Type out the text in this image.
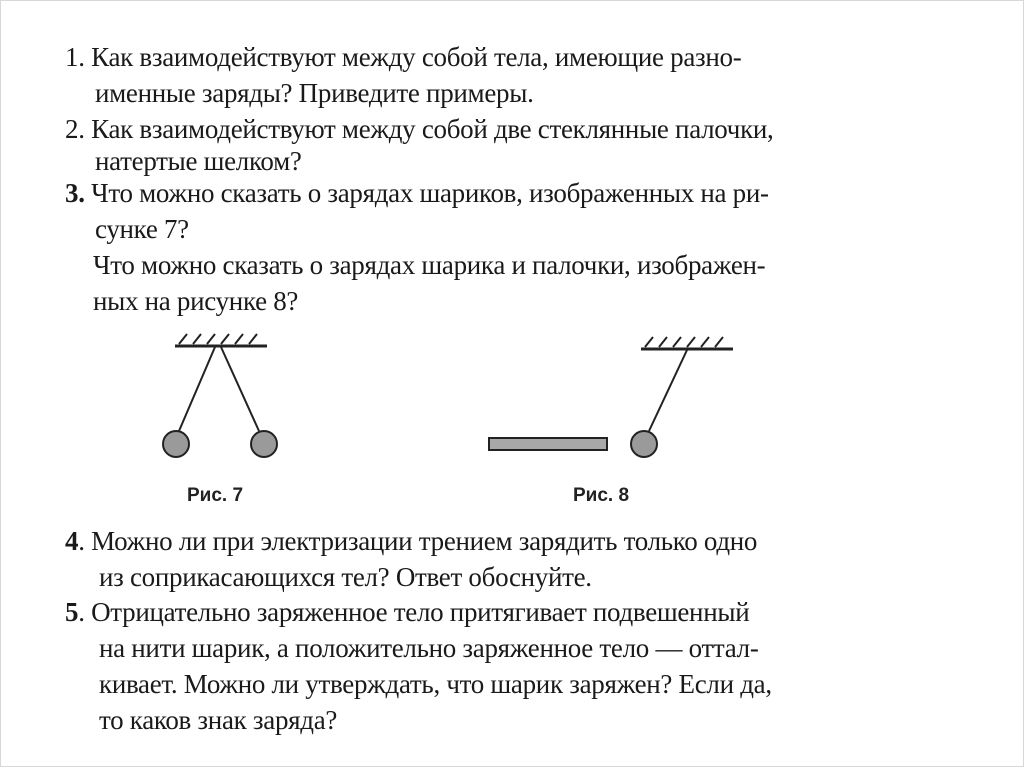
1. Как взаимодействуют между собой тела, имеющие разно-
именные заряды? Приведите примеры.
2. Как взаимодействуют между собой две стеклянные палочки,
натертые шелком?
3. Что можно сказать о зарядах шариков, изображенных на ри-
сунке 7?
Что можно сказать о зарядах шарика и палочки, изображен-
ных на рисунке 8?
Рис. 7	Рис. 8
4. Можно ли при электризации трением зарядить только одно
из соприкасающихся тел? Ответ обоснуйте.
5. Отрицательно заряженное тело притягивает подвешенный
на нити шарик, а положительно заряженное тело — оттал-
кивает. Можно ли утверждать, что шарик заряжен? Если да,
то каков знак заряда?
